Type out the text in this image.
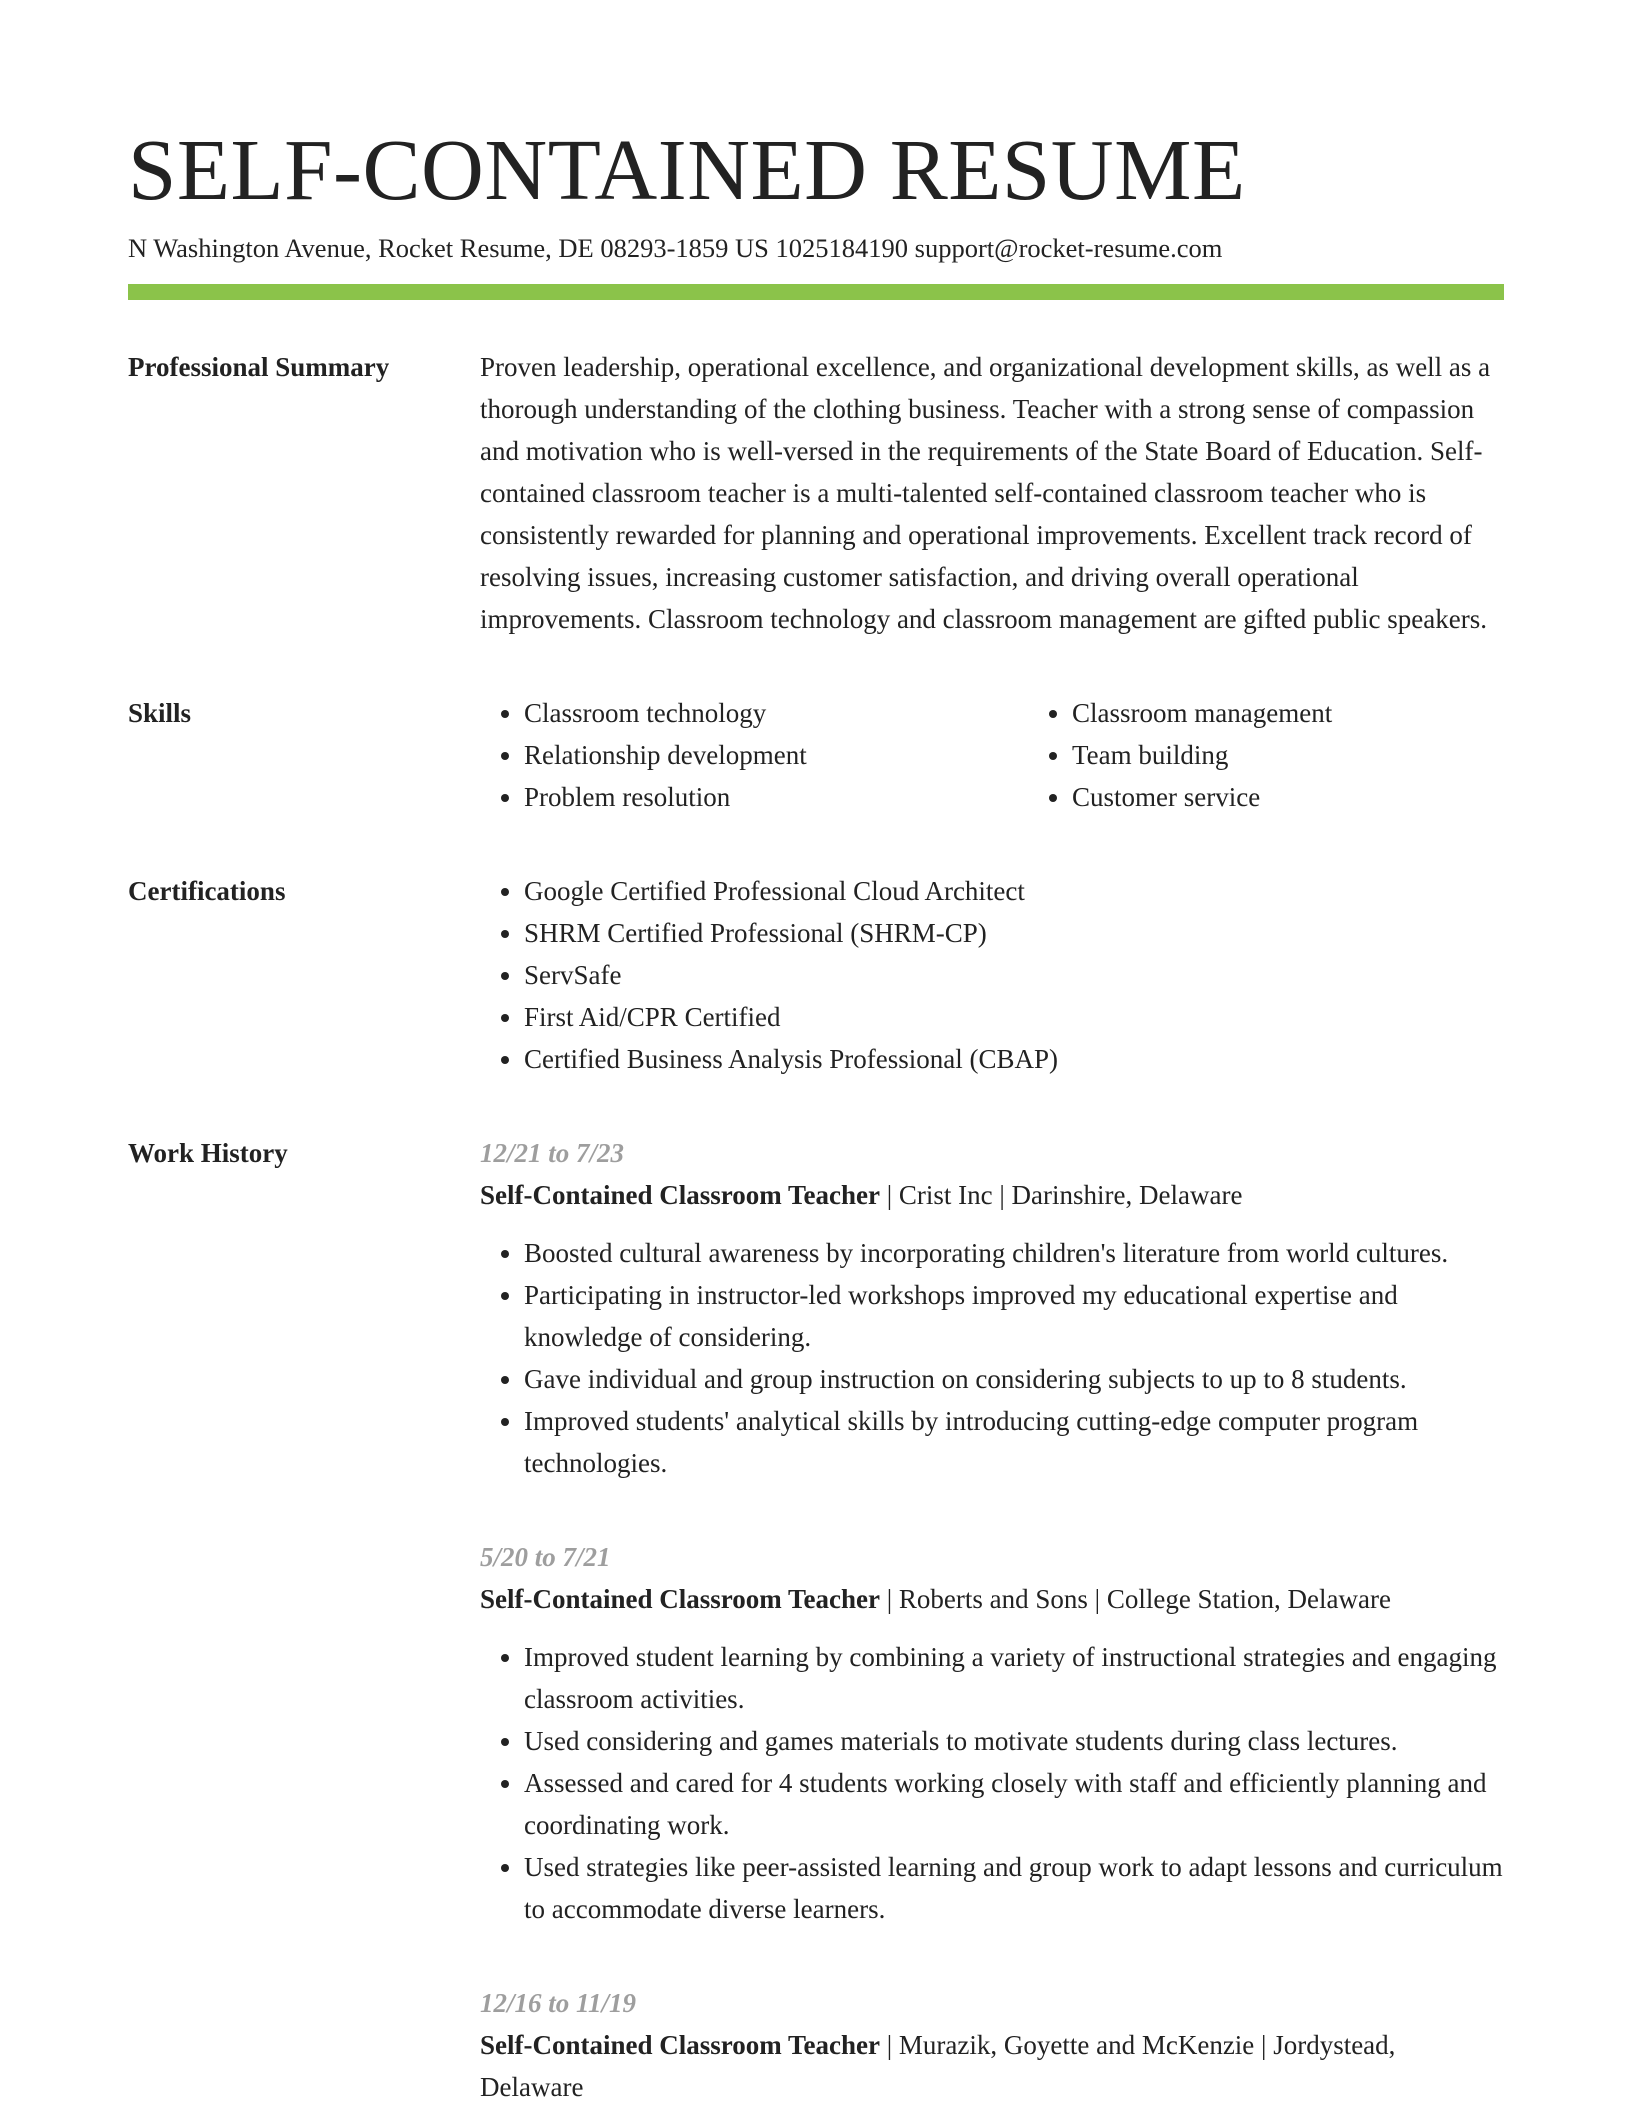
SELF-CONTAINED RESUME
N Washington Avenue, Rocket Resume, DE 08293-1859 US 1025184190 support@rocket-resume.com
Professional Summary	Proven leadership, operational excellence, and organizational development skills, as well as a thorough understanding of the clothing business. Teacher with a strong sense of compassion and motivation who is well-versed in the requirements of the State Board of Education. Self-contained classroom teacher is a multi-talented self-contained classroom teacher who is consistently rewarded for planning and operational improvements. Excellent track record of resolving issues, increasing customer satisfaction, and driving overall operational improvements. Classroom technology and classroom management are gifted public speakers.

Skills	• Classroom technology
• Relationship development
• Problem resolution
• Classroom management
• Team building
• Customer service
Certifications	• Google Certified Professional Cloud Architect
• SHRM Certified Professional (SHRM-CP)
• ServSafe
• First Aid/CPR Certified
• Certified Business Analysis Professional (CBAP)
Work History	12/21 to 7/23
Self-Contained Classroom Teacher | Crist Inc | Darinshire, Delaware
• Boosted cultural awareness by incorporating children's literature from world cultures.
• Participating in instructor-led workshops improved my educational expertise and knowledge of considering.
• Gave individual and group instruction on considering subjects to up to 8 students.
• Improved students' analytical skills by introducing cutting-edge computer program technologies.
5/20 to 7/21
Self-Contained Classroom Teacher | Roberts and Sons | College Station, Delaware
• Improved student learning by combining a variety of instructional strategies and engaging classroom activities.
• Used considering and games materials to motivate students during class lectures.
• Assessed and cared for 4 students working closely with staff and efficiently planning and coordinating work.
• Used strategies like peer-assisted learning and group work to adapt lessons and curriculum to accommodate diverse learners.
12/16 to 11/19
Self-Contained Classroom Teacher | Murazik, Goyette and McKenzie | Jordystead, Delaware
